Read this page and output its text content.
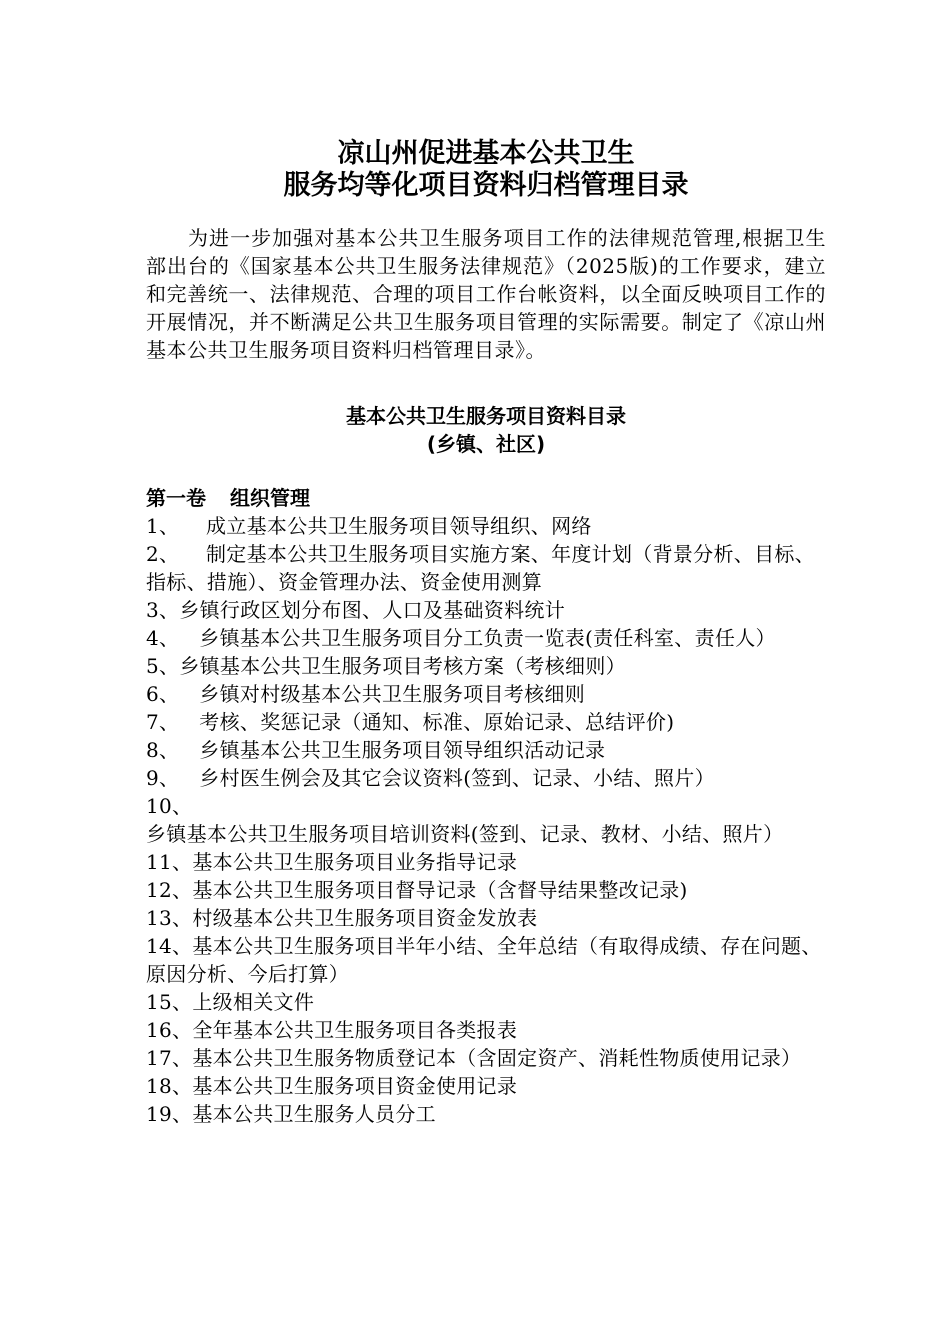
凉山州促进基本公共卫生
服务均等化项目资料归档管理目录

为进一步加强对基本公共卫生服务项目工作的法律规范管理,根据卫生部出台的《国家基本公共卫生服务法律规范》（2025版)的工作要求，建立和完善统一、法律规范、合理的项目工作台帐资料，以全面反映项目工作的开展情况，并不断满足公共卫生服务项目管理的实际需要。制定了《凉山州基本公共卫生服务项目资料归档管理目录》。

基本公共卫生服务项目资料目录
(乡镇、社区)
第一卷 组织管理
1、    成立基本公共卫生服务项目领导组织、网络
2、    制定基本公共卫生服务项目实施方案、年度计划（背景分析、目标、指标、措施）、资金管理办法、资金使用测算
3、乡镇行政区划分布图、人口及基础资料统计
4、   乡镇基本公共卫生服务项目分工负责一览表(责任科室、责任人）
5、乡镇基本公共卫生服务项目考核方案（考核细则）
6、   乡镇对村级基本公共卫生服务项目考核细则
7、   考核、奖惩记录（通知、标准、原始记录、总结评价)
8、   乡镇基本公共卫生服务项目领导组织活动记录
9、   乡村医生例会及其它会议资料(签到、记录、小结、照片）
10、乡镇基本公共卫生服务项目培训资料(签到、记录、教材、小结、照片）
11、基本公共卫生服务项目业务指导记录
12、基本公共卫生服务项目督导记录（含督导结果整改记录)
13、村级基本公共卫生服务项目资金发放表
14、基本公共卫生服务项目半年小结、全年总结（有取得成绩、存在问题、原因分析、今后打算）
15、上级相关文件
16、全年基本公共卫生服务项目各类报表
17、基本公共卫生服务物质登记本（含固定资产、消耗性物质使用记录）
18、基本公共卫生服务项目资金使用记录
19、基本公共卫生服务人员分工
